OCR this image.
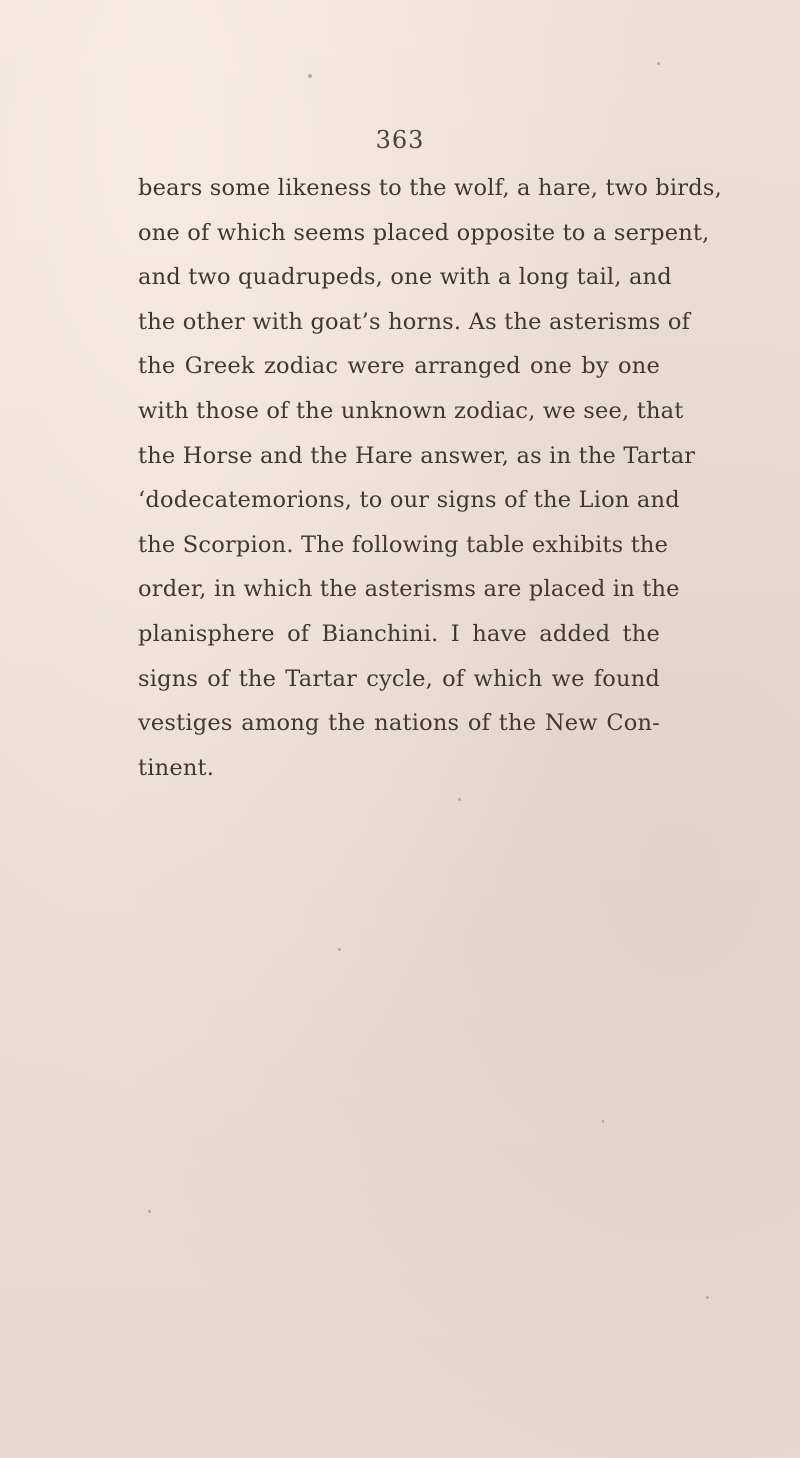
363
bears some likeness to the wolf, a hare, two birds,
one of which seems placed opposite to a serpent,
and two quadrupeds, one with a long tail, and
the other with goat’s horns. As the asterisms of
the Greek zodiac were arranged one by one
with those of the unknown zodiac, we see, that
the Horse and the Hare answer, as in the Tartar
‘dodecatemorions, to our signs of the Lion and
the Scorpion. The following table exhibits the
order, in which the asterisms are placed in the
planisphere of Bianchini. I have added the
signs of the Tartar cycle, of which we found
vestiges among the nations of the New Con-
tinent.
